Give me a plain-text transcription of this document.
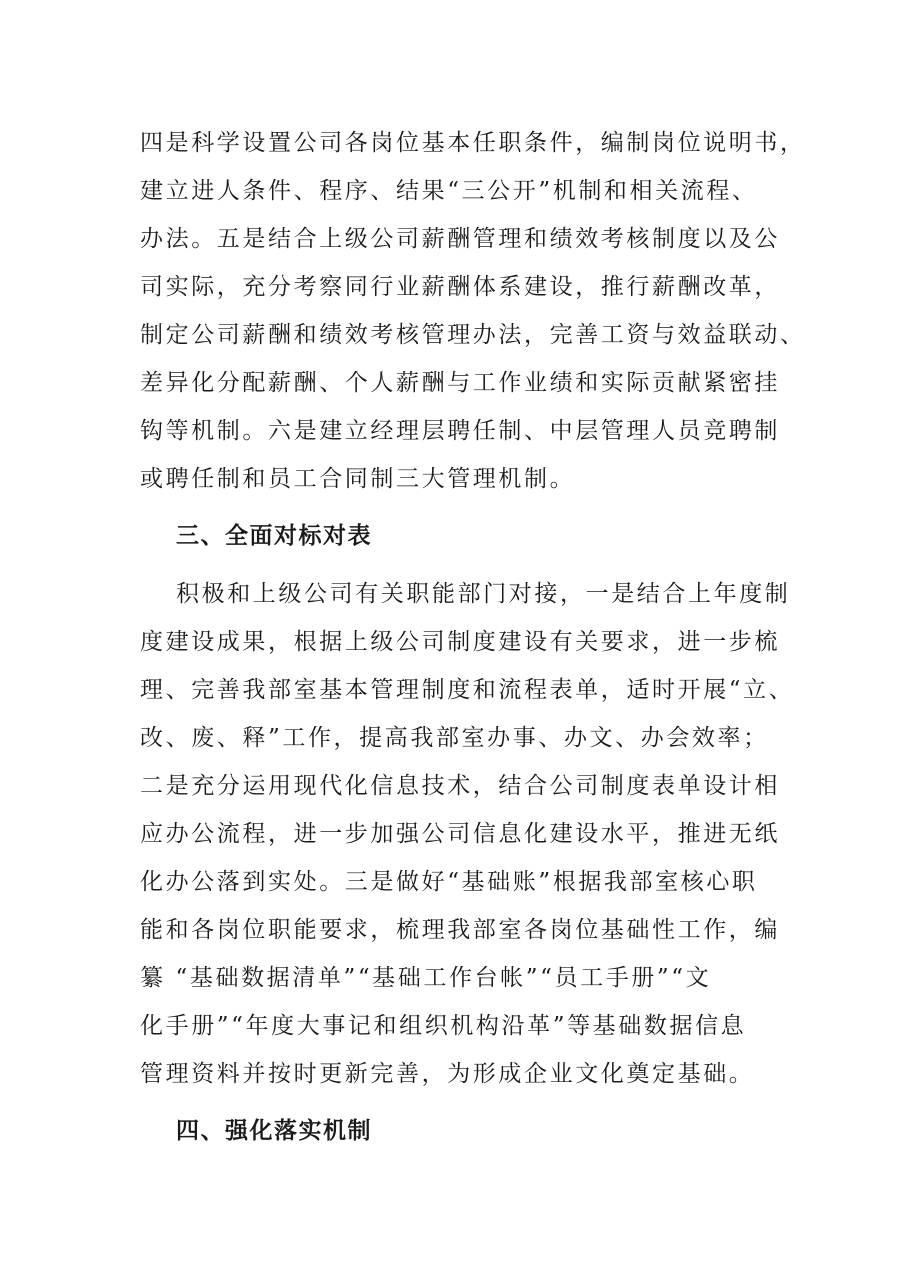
四是科学设置公司各岗位基本任职条件，编制岗位说明书，
建立进人条件、程序、结果“三公开”机制和相关流程、
办法。五是结合上级公司薪酬管理和绩效考核制度以及公
司实际，充分考察同行业薪酬体系建设，推行薪酬改革，
制定公司薪酬和绩效考核管理办法，完善工资与效益联动、
差异化分配薪酬、个人薪酬与工作业绩和实际贡献紧密挂
钩等机制。六是建立经理层聘任制、中层管理人员竞聘制
或聘任制和员工合同制三大管理机制。
三、全面对标对表
积极和上级公司有关职能部门对接，一是结合上年度制
度建设成果，根据上级公司制度建设有关要求，进一步梳
理、完善我部室基本管理制度和流程表单，适时开展“立、
改、废、释”工作，提高我部室办事、办文、办会效率；
二是充分运用现代化信息技术，结合公司制度表单设计相
应办公流程，进一步加强公司信息化建设水平，推进无纸
化办公落到实处。三是做好“基础账”根据我部室核心职
能和各岗位职能要求，梳理我部室各岗位基础性工作，编
纂 “基础数据清单”“基础工作台帐”“员工手册”“文
化手册”“年度大事记和组织机构沿革”等基础数据信息
管理资料并按时更新完善，为形成企业文化奠定基础。
四、强化落实机制
